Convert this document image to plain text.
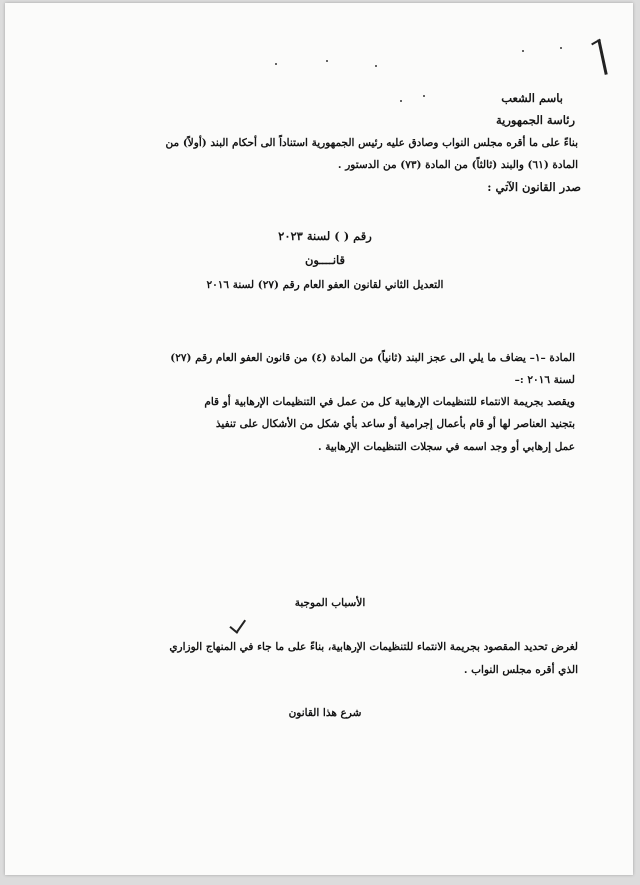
باسم الشعب
رئاسة الجمهورية
بناءً على ما أقره مجلس النواب وصادق عليه رئيس الجمهورية استناداً الى أحكام البند (أولاً) من
المادة (٦١) والبند (ثالثاً) من المادة (٧٣) من الدستور .
صدر القانون الآتي :
رقم ( ) لسنة ٢٠٢٣
قانــــون
التعديل الثاني لقانون العفو العام رقم (٢٧) لسنة ٢٠١٦
المادة –١– يضاف ما يلي الى عجز البند (ثانياً) من المادة (٤) من قانون العفو العام رقم (٢٧)
لسنة ٢٠١٦ :–
ويقصد بجريمة الانتماء للتنظيمات الإرهابية كل من عمل في التنظيمات الإرهابية أو قام
بتجنيد العناصر لها أو قام بأعمال إجرامية أو ساعد بأي شكل من الأشكال على تنفيذ
عمل إرهابي أو وجد اسمه في سجلات التنظيمات الإرهابية .
الأسباب الموجبة
لغرض تحديد المقصود بجريمة الانتماء للتنظيمات الإرهابية، بناءً على ما جاء في المنهاج الوزاري
الذي أقره مجلس النواب .
شرع هذا القانون
